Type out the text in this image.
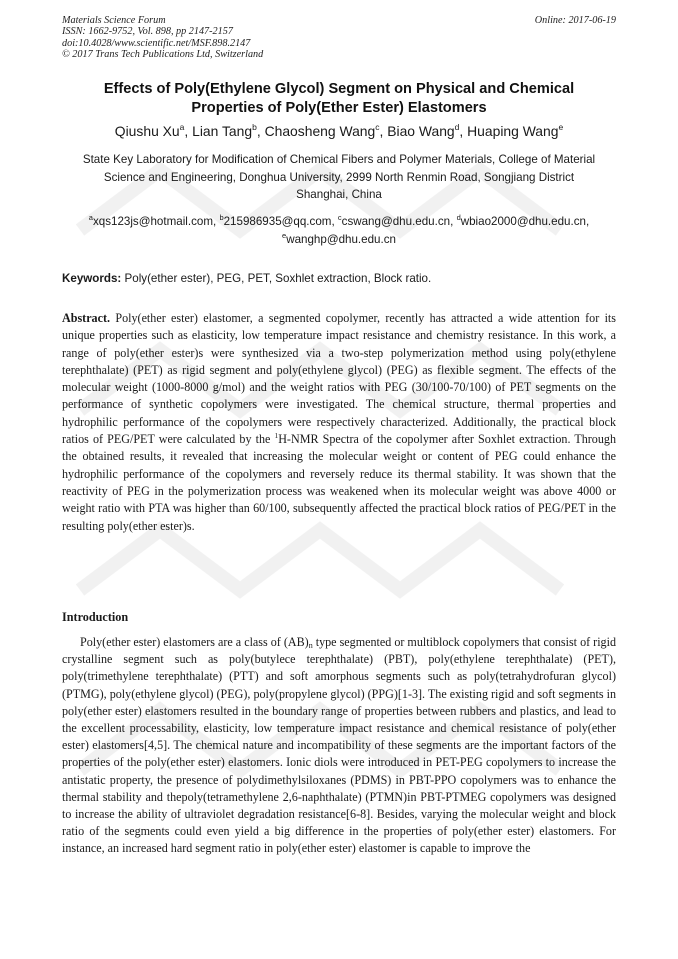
Materials Science Forum
ISSN: 1662-9752, Vol. 898, pp 2147-2157
doi:10.4028/www.scientific.net/MSF.898.2147
© 2017 Trans Tech Publications Ltd, Switzerland
Online: 2017-06-19
Effects of Poly(Ethylene Glycol) Segment on Physical and Chemical
Properties of Poly(Ether Ester) Elastomers
Qiushu Xu$^a$, Lian Tang$^b$, Chaosheng Wang$^c$, Biao Wang$^d$, Huaping Wang$^e$
State Key Laboratory for Modification of Chemical Fibers and Polymer Materials, College of Material Science and Engineering, Donghua University, 2999 North Renmin Road, Songjiang District Shanghai, China
$^a$xqs123js@hotmail.com, $^b$215986935@qq.com, $^c$cswang@dhu.edu.cn, $^d$wbiao2000@dhu.edu.cn,
$^e$wanghp@dhu.edu.cn
Keywords: Poly(ether ester), PEG, PET, Soxhlet extraction, Block ratio.

Abstract. Poly(ether ester) elastomer, a segmented copolymer, recently has attracted a wide attention for its unique properties such as elasticity, low temperature impact resistance and chemistry resistance. In this work, a range of poly(ether ester)s were synthesized via a two-step polymerization method using poly(ethylene terephthalate) (PET) as rigid segment and poly(ethylene glycol) (PEG) as flexible segment. The effects of the molecular weight (1000-8000 g/mol) and the weight ratios with PEG (30/100-70/100) of PET segments on the performance of synthetic copolymers were investigated. The chemical structure, thermal properties and hydrophilic performance of the copolymers were respectively characterized. Additionally, the practical block ratios of PEG/PET were calculated by the $^1$H-NMR Spectra of the copolymer after Soxhlet extraction. Through the obtained results, it revealed that increasing the molecular weight or content of PEG could enhance the hydrophilic performance of the copolymers and reversely reduce its thermal stability. It was shown that the reactivity of PEG in the polymerization process was weakened when its molecular weight was above 4000 or weight ratio with PTA was higher than 60/100, subsequently affected the practical block ratios of PEG/PET in the resulting poly(ether ester)s.

Introduction

Poly(ether ester) elastomers are a class of $(AB)_n$ type segmented or multiblock copolymers that consist of rigid crystalline segment such as poly(butylece terephthalate) (PBT), poly(ethylene terephthalate) (PET), poly(trimethylene terephthalate) (PTT) and soft amorphous segments such as poly(tetrahydrofuran glycol) (PTMG), poly(ethylene glycol) (PEG), poly(propylene glycol) (PPG)[1-3]. The existing rigid and soft segments in poly(ether ester) elastomers resulted in the boundary range of properties between rubbers and plastics, and lead to the excellent processability, elasticity, low temperature impact resistance and chemical resistance of poly(ether ester) elastomers[4,5]. The chemical nature and incompatibility of these segments are the important factors of the properties of the poly(ether ester) elastomers. Ionic diols were introduced in PET-PEG copolymers to increase the antistatic property, the presence of polydimethylsiloxanes (PDMS) in PBT-PPO copolymers was to enhance the thermal stability and thepoly(tetramethylene 2,6-naphthalate) (PTMN)in PBT-PTMEG copolymers was designed to increase the ability of ultraviolet degradation resistance[6-8]. Besides, varying the molecular weight and block ratio of the segments could even yield a big difference in the properties of poly(ether ester) elastomers. For instance, an increased hard segment ratio in poly(ether ester) elastomer is capable to improve the
